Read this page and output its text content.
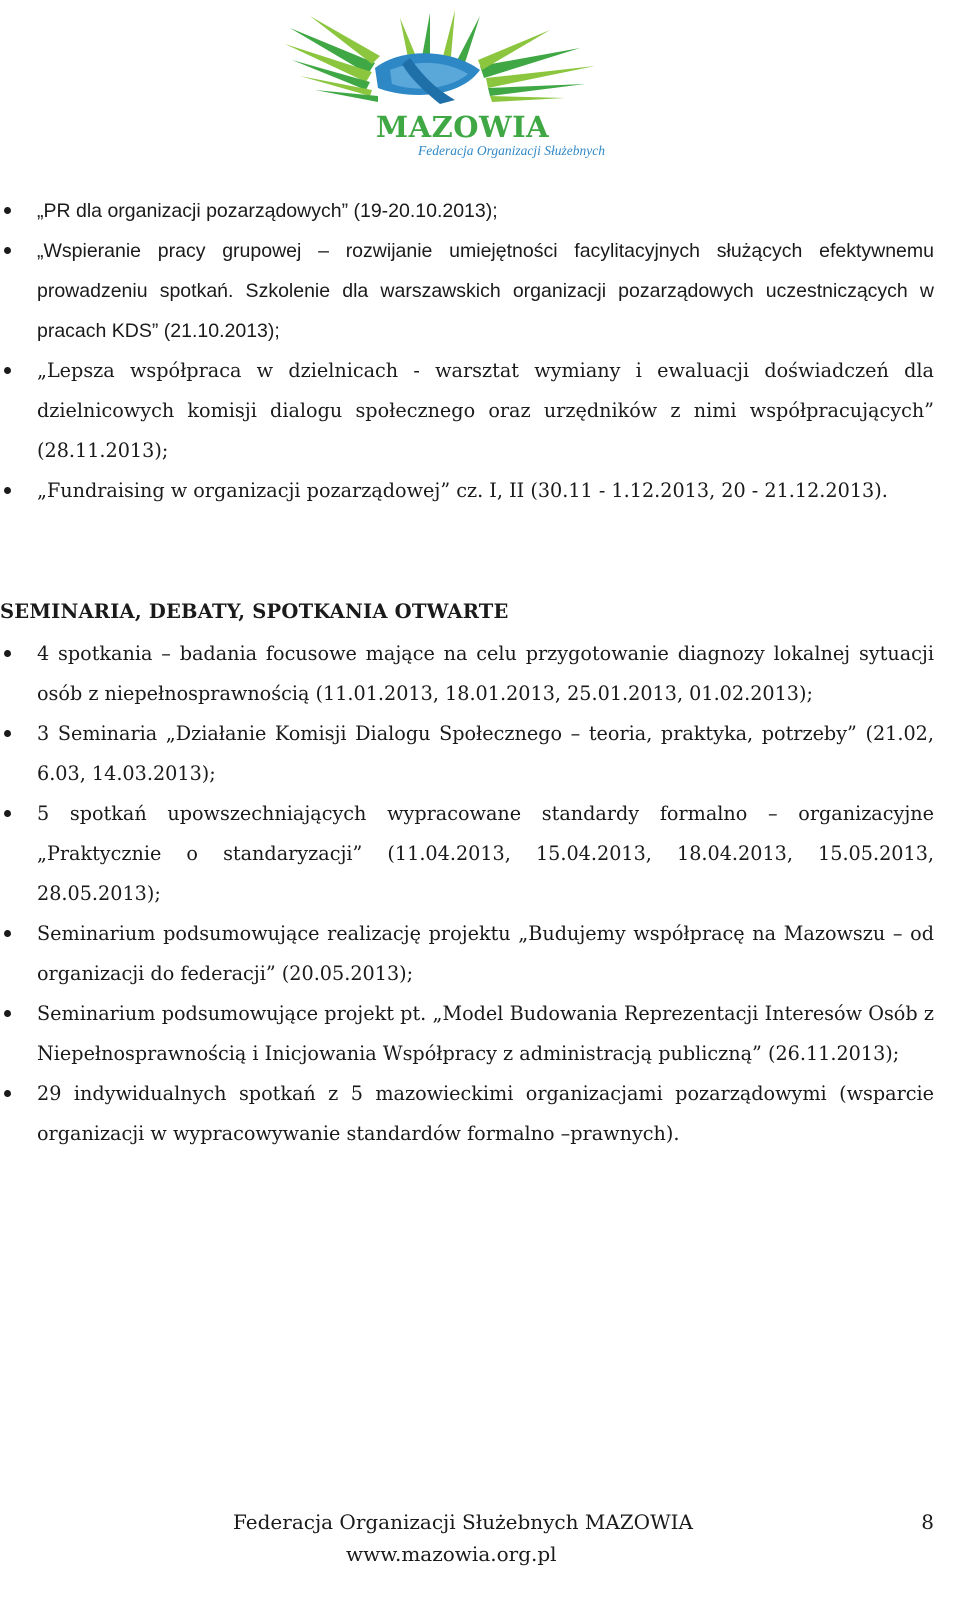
MAZOWIA
Federacja Organizacji Służebnych
„PR dla organizacji pozarządowych” (19-20.10.2013);
„Wspieranie pracy grupowej – rozwijanie umiejętności facylitacyjnych służących efektywnemu prowadzeniu spotkań. Szkolenie dla warszawskich organizacji pozarządowych uczestniczących w pracach KDS” (21.10.2013);
„Lepsza współpraca w dzielnicach - warsztat wymiany i ewaluacji doświadczeń dla dzielnicowych komisji dialogu społecznego oraz urzędników z nimi współpracujących” (28.11.2013);
„Fundraising w organizacji pozarządowej” cz. I, II (30.11 - 1.12.2013, 20 - 21.12.2013).
SEMINARIA, DEBATY, SPOTKANIA OTWARTE
4 spotkania – badania focusowe mające na celu przygotowanie diagnozy lokalnej sytuacji osób z niepełnosprawnością (11.01.2013, 18.01.2013, 25.01.2013, 01.02.2013);
3 Seminaria „Działanie Komisji Dialogu Społecznego – teoria, praktyka, potrzeby” (21.02, 6.03, 14.03.2013);
5 spotkań upowszechniających wypracowane standardy formalno – organizacyjne „Praktycznie o standaryzacji” (11.04.2013, 15.04.2013, 18.04.2013, 15.05.2013, 28.05.2013);
Seminarium podsumowujące realizację projektu „Budujemy współpracę na Mazowszu – od organizacji do federacji” (20.05.2013);
Seminarium podsumowujące projekt pt. „Model Budowania Reprezentacji Interesów Osób z Niepełnosprawnością i Inicjowania Współpracy z administracją publiczną” (26.11.2013);
29 indywidualnych spotkań z 5 mazowieckimi organizacjami pozarządowymi (wsparcie organizacji w wypracowywanie standardów formalno –prawnych).
Federacja Organizacji Służebnych MAZOWIA
www.mazowia.org.pl
8
